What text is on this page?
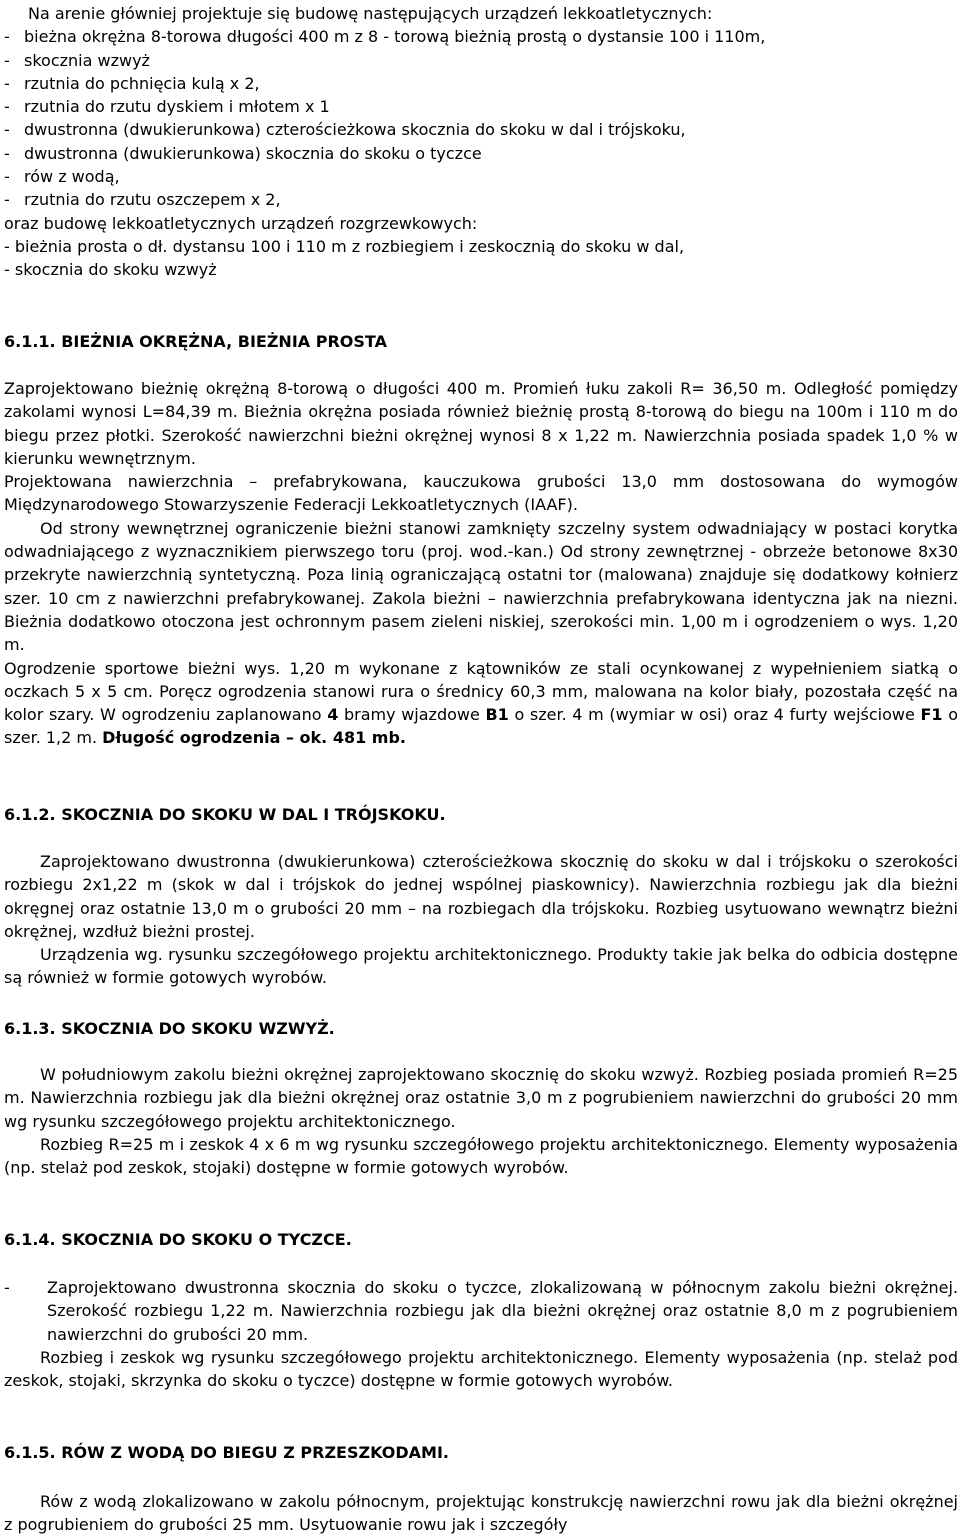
Na arenie główniej projektuje się budowę następujących urządzeń lekkoatletycznych:

- bieżna okrężna 8-torowa długości 400 m z 8 - torową bieżnią prostą o dystansie 100 i 110m,

- skocznia wzwyż

- rzutnia do pchnięcia kulą x 2,

- rzutnia do rzutu dyskiem i młotem x 1

- dwustronna (dwukierunkowa) czterościeżkowa skocznia do skoku w dal i trójskoku,

- dwustronna (dwukierunkowa) skocznia do skoku o tyczce

- rów z wodą,

- rzutnia do rzutu oszczepem x 2,

oraz budowę lekkoatletycznych urządzeń rozgrzewkowych:

- bieżnia prosta o dł. dystansu 100 i 110 m z rozbiegiem i zeskocznią do skoku w dal,

- skocznia do skoku wzwyż

6.1.1. BIEŻNIA OKRĘŻNA, BIEŻNIA PROSTA

Zaprojektowano bieżnię okrężną 8-torową o długości 400 m. Promień łuku zakoli R= 36,50 m. Odległość pomiędzy zakolami wynosi L=84,39 m. Bieżnia okrężna posiada również bieżnię prostą 8-torową do biegu na 100m i 110 m do biegu przez płotki. Szerokość nawierzchni bieżni okrężnej wynosi 8 x 1,22 m. Nawierzchnia posiada spadek 1,0 % w kierunku wewnętrznym.

Projektowana nawierzchnia – prefabrykowana, kauczukowa grubości 13,0 mm dostosowana do wymogów Międzynarodowego Stowarzyszenie Federacji Lekkoatletycznych (IAAF).

Od strony wewnętrznej ograniczenie bieżni stanowi zamknięty szczelny system odwadniający w postaci korytka odwadniającego z wyznacznikiem pierwszego toru (proj. wod.-kan.) Od strony zewnętrznej - obrzeże betonowe 8x30 przekryte nawierzchnią syntetyczną. Poza linią ograniczającą ostatni tor (malowana) znajduje się dodatkowy kołnierz szer. 10 cm z nawierzchni prefabrykowanej. Zakola bieżni – nawierzchnia prefabrykowana identyczna jak na niezni. Bieżnia dodatkowo otoczona jest ochronnym pasem zieleni niskiej, szerokości min. 1,00 m i ogrodzeniem o wys. 1,20 m.

Ogrodzenie sportowe bieżni wys. 1,20 m wykonane z kątowników ze stali ocynkowanej z wypełnieniem siatką o oczkach 5 x 5 cm. Poręcz ogrodzenia stanowi rura o średnicy 60,3 mm, malowana na kolor biały, pozostała część na kolor szary. W ogrodzeniu zaplanowano 4 bramy wjazdowe B1 o szer. 4 m (wymiar w osi) oraz 4 furty wejściowe F1 o szer. 1,2 m. Długość ogrodzenia – ok. 481 mb.

6.1.2. SKOCZNIA DO SKOKU W DAL I TRÓJSKOKU.

Zaprojektowano dwustronna (dwukierunkowa) czterościeżkowa skocznię do skoku w dal i trójskoku o szerokości rozbiegu 2x1,22 m (skok w dal i trójskok do jednej wspólnej piaskownicy). Nawierzchnia rozbiegu jak dla bieżni okręgnej oraz ostatnie 13,0 m o grubości 20 mm – na rozbiegach dla trójskoku. Rozbieg usytuowano wewnątrz bieżni okrężnej, wzdłuż bieżni prostej.

Urządzenia wg. rysunku szczegółowego projektu architektonicznego. Produkty takie jak belka do odbicia dostępne są również w formie gotowych wyrobów.

6.1.3. SKOCZNIA DO SKOKU WZWYŻ.

W południowym zakolu bieżni okrężnej zaprojektowano skocznię do skoku wzwyż. Rozbieg posiada promień R=25 m. Nawierzchnia rozbiegu jak dla bieżni okrężnej oraz ostatnie 3,0 m z pogrubieniem nawierzchni do grubości 20 mm wg rysunku szczegółowego projektu architektonicznego.

Rozbieg R=25 m i zeskok 4 x 6 m wg rysunku szczegółowego projektu architektonicznego. Elementy wyposażenia (np. stelaż pod zeskok, stojaki) dostępne w formie gotowych wyrobów.

6.1.4. SKOCZNIA DO SKOKU O TYCZCE.

- Zaprojektowano dwustronna skocznia do skoku o tyczce, zlokalizowaną w północnym zakolu bieżni okrężnej. Szerokość rozbiegu 1,22 m. Nawierzchnia rozbiegu jak dla bieżni okrężnej oraz ostatnie 8,0 m z pogrubieniem nawierzchni do grubości 20 mm.

Rozbieg i zeskok wg rysunku szczegółowego projektu architektonicznego. Elementy wyposażenia (np. stelaż pod zeskok, stojaki, skrzynka do skoku o tyczce) dostępne w formie gotowych wyrobów.

6.1.5. RÓW Z WODĄ DO BIEGU Z PRZESZKODAMI.

Rów z wodą zlokalizowano w zakolu północnym, projektując konstrukcję nawierzchni rowu jak dla bieżni okrężnej z pogrubieniem do grubości 25 mm. Usytuowanie rowu jak i szczegóły
